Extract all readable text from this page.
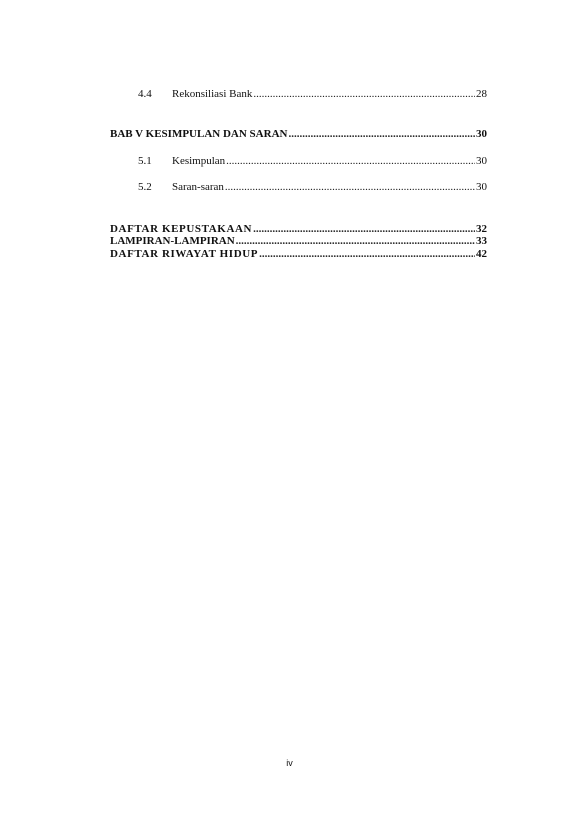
4.4	Rekonsiliasi Bank .....	28
BAB V KESIMPULAN DAN SARAN .....	30
5.1	Kesimpulan .....	30
5.2	Saran-saran .....	30
DAFTAR KEPUSTAKAAN .....	32
LAMPIRAN-LAMPIRAN .....	33
DAFTAR RIWAYAT HIDUP .....	42
iv
